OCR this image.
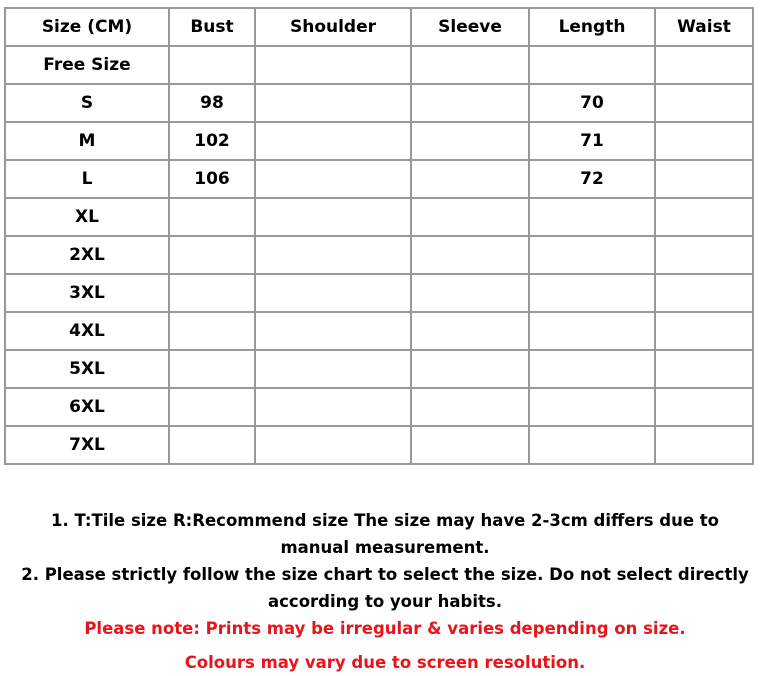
Size (CM)	Bust	Shoulder	Sleeve	Length	Waist
Free Size					
S	98			70	
M	102			71	
L	106			72	
XL					
2XL					
3XL					
4XL					
5XL					
6XL					
7XL					

1. T:Tile size R:Recommend size The size may have 2-3cm differs due to manual measurement.

2. Please strictly follow the size chart to select the size. Do not select directly according to your habits.

Please note: Prints may be irregular & varies depending on size.

Colours may vary due to screen resolution.
